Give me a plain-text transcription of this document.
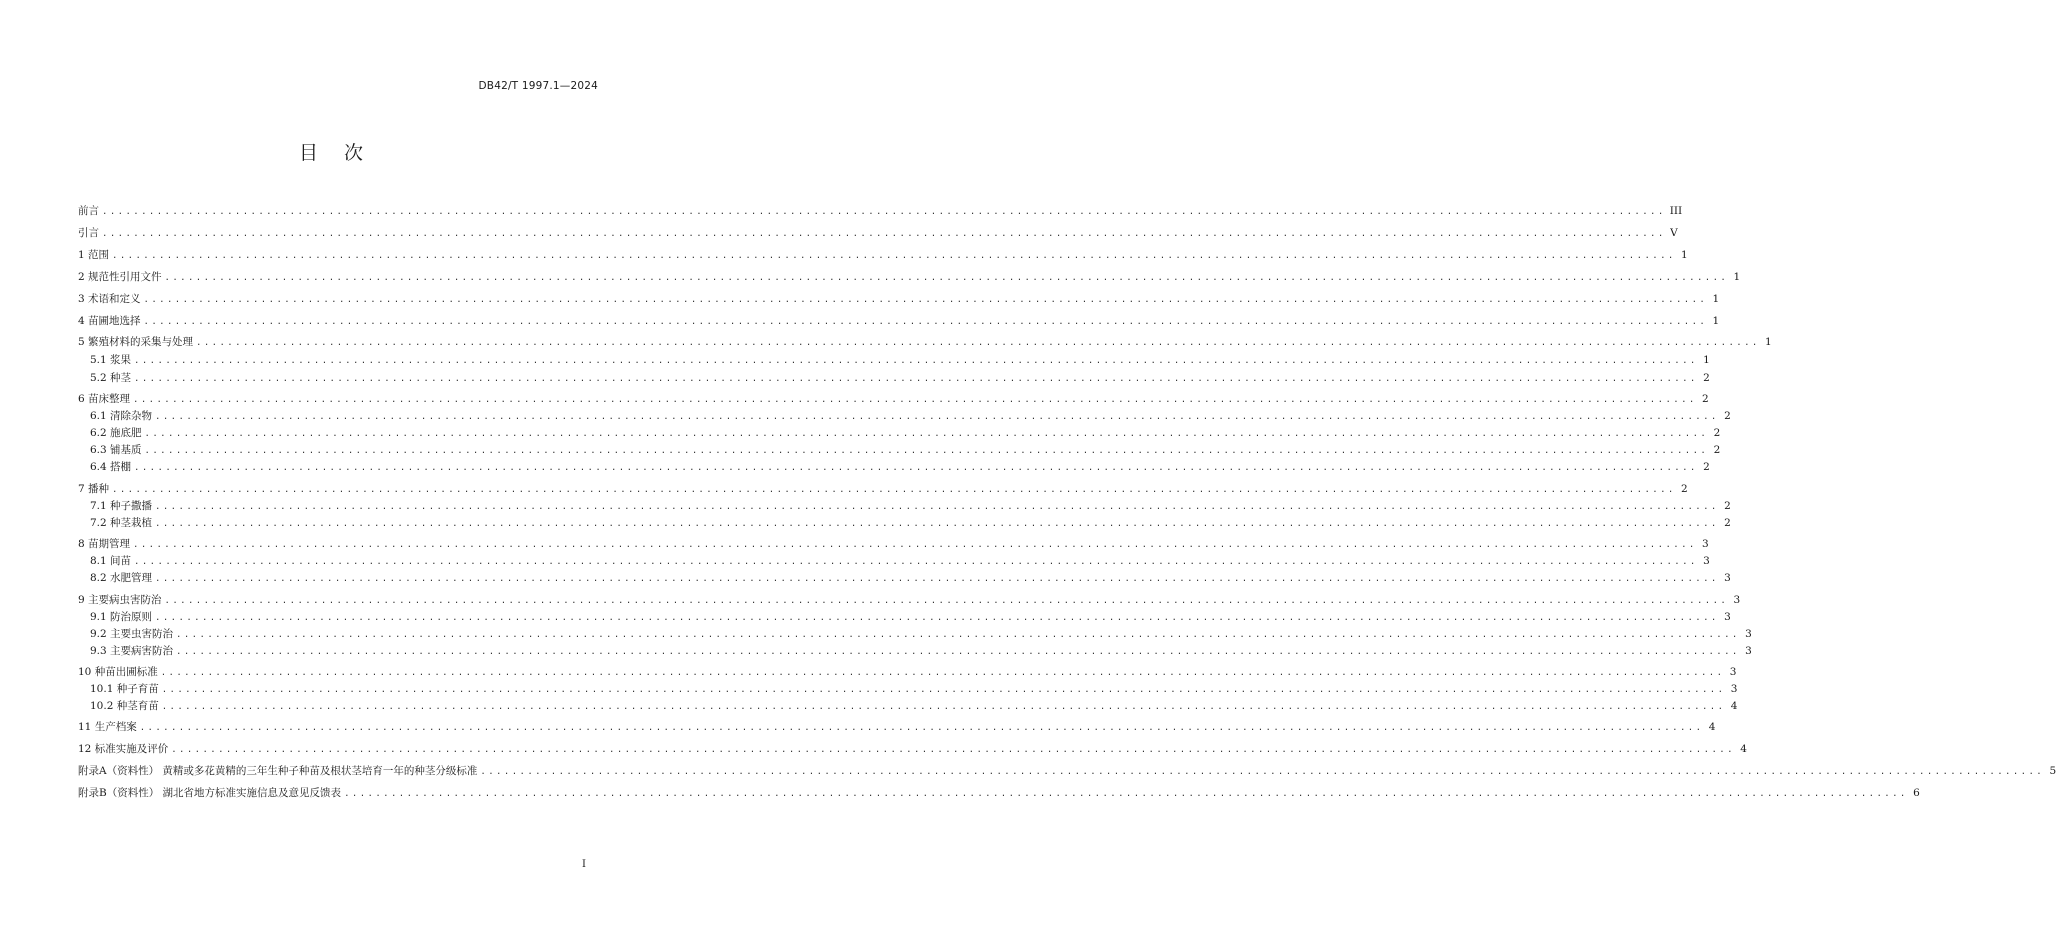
DB42/T 1997.1—2024
目 次
前言 ........................................................................................................................................................................................................ III
引言 ........................................................................................................................................................................................................ V
1 范围 ........................................................................................................................................................................................................ 1
2 规范性引用文件 ........................................................................................................................................................................................................ 1
3 术语和定义 ........................................................................................................................................................................................................ 1
4 苗圃地选择 ........................................................................................................................................................................................................ 1
5 繁殖材料的采集与处理 ........................................................................................................................................................................................................ 1
5.1 浆果 ........................................................................................................................................................................................................ 1
5.2 种茎 ........................................................................................................................................................................................................ 2
6 苗床整理 ........................................................................................................................................................................................................ 2
6.1 清除杂物 ........................................................................................................................................................................................................ 2
6.2 施底肥 ........................................................................................................................................................................................................ 2
6.3 铺基质 ........................................................................................................................................................................................................ 2
6.4 搭棚 ........................................................................................................................................................................................................ 2
7 播种 ........................................................................................................................................................................................................ 2
7.1 种子撒播 ........................................................................................................................................................................................................ 2
7.2 种茎栽植 ........................................................................................................................................................................................................ 2
8 苗期管理 ........................................................................................................................................................................................................ 3
8.1 间苗 ........................................................................................................................................................................................................ 3
8.2 水肥管理 ........................................................................................................................................................................................................ 3
9 主要病虫害防治 ........................................................................................................................................................................................................ 3
9.1 防治原则 ........................................................................................................................................................................................................ 3
9.2 主要虫害防治 ........................................................................................................................................................................................................ 3
9.3 主要病害防治 ........................................................................................................................................................................................................ 3
10 种苗出圃标准 ........................................................................................................................................................................................................ 3
10.1 种子育苗 ........................................................................................................................................................................................................ 3
10.2 种茎育苗 ........................................................................................................................................................................................................ 4
11 生产档案 ........................................................................................................................................................................................................ 4
12 标准实施及评价 ........................................................................................................................................................................................................ 4
附录A（资料性） 黄精或多花黄精的三年生种子种苗及根状茎培育一年的种茎分级标准 ........................................................................................................................................................................................................ 5
附录B（资料性） 湖北省地方标准实施信息及意见反馈表 ........................................................................................................................................................................................................ 6
I
